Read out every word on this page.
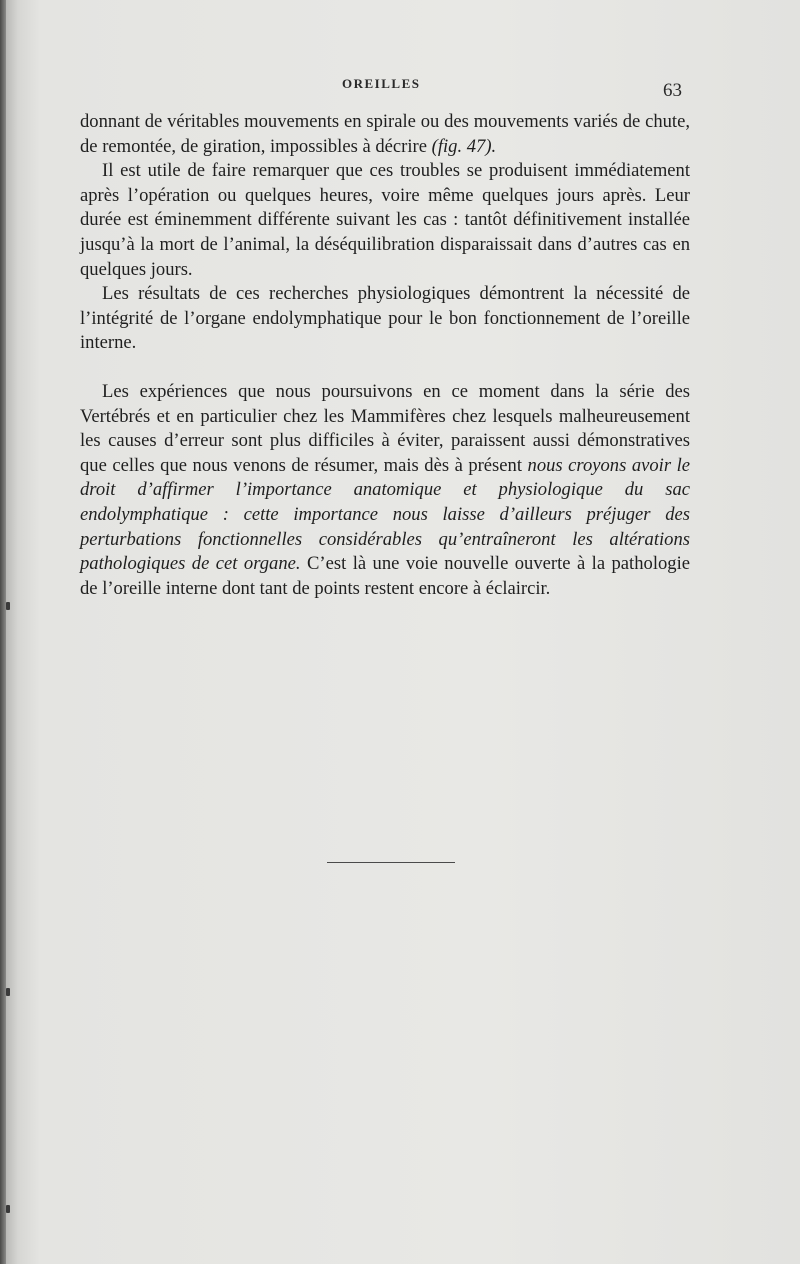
OREILLES	63

donnant de véritables mouvements en spirale ou des mouvements variés de chute, de remontée, de giration, impossibles à décrire (fig. 47).

Il est utile de faire remarquer que ces troubles se produisent immédiatement après l’opération ou quelques heures, voire même quelques jours après. Leur durée est éminemment différente suivant les cas : tantôt définitivement installée jusqu’à la mort de l’animal, la déséquilibration disparaissait dans d’autres cas en quelques jours.

Les résultats de ces recherches physiologiques démontrent la nécessité de l’intégrité de l’organe endolymphatique pour le bon fonctionnement de l’oreille interne.

Les expériences que nous poursuivons en ce moment dans la série des Vertébrés et en particulier chez les Mammifères chez lesquels malheureusement les causes d’erreur sont plus difficiles à éviter, paraissent aussi démonstratives que celles que nous venons de résumer, mais dès à présent nous croyons avoir le droit d’affirmer l’importance anatomique et physiologique du sac endolymphatique : cette importance nous laisse d’ailleurs préjuger des perturbations fonctionnelles considérables qu’entraîneront les altérations pathologiques de cet organe. C’est là une voie nouvelle ouverte à la pathologie de l’oreille interne dont tant de points restent encore à éclaircir.
